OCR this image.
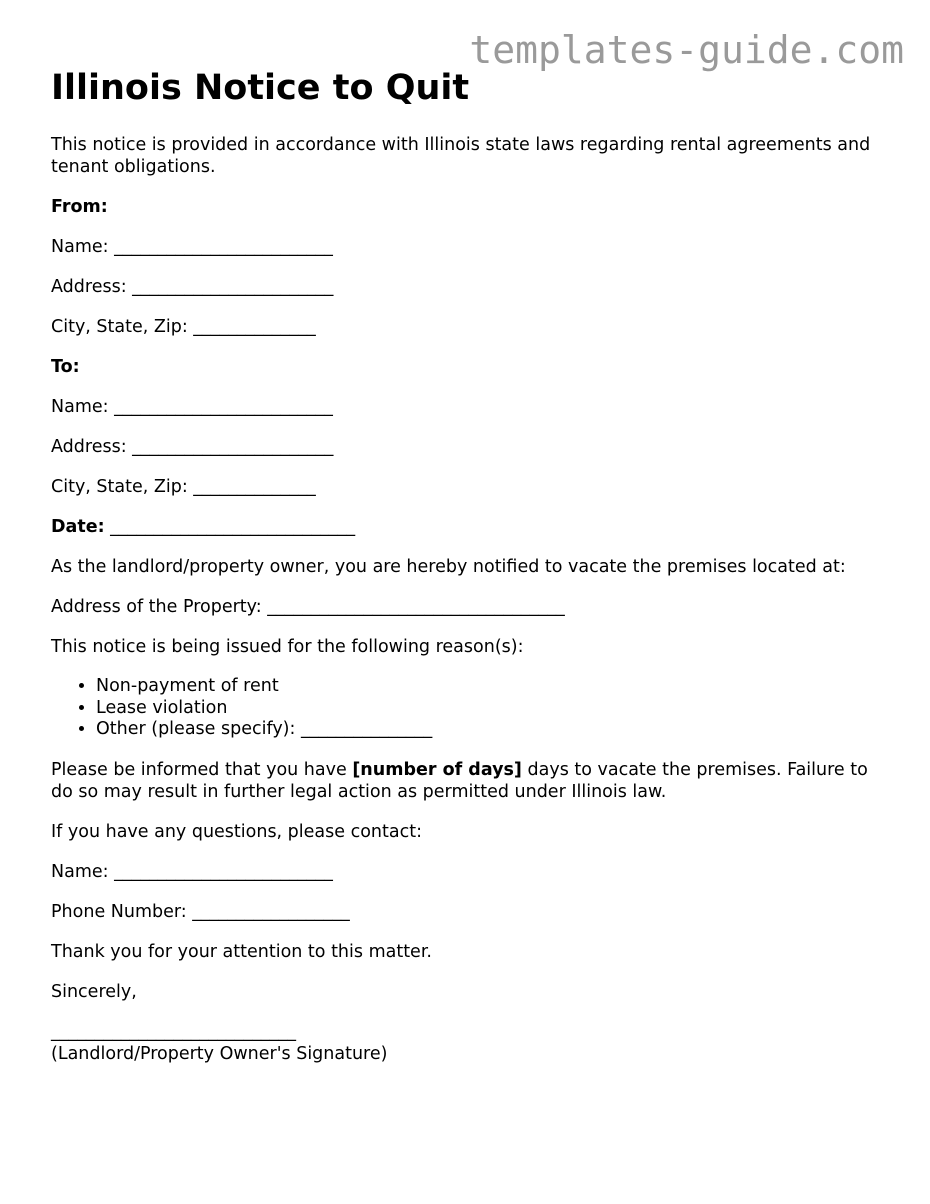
templates-guide.com
Illinois Notice to Quit

This notice is provided in accordance with Illinois state laws regarding rental agreements and tenant obligations.

From:

Name: _________________________

Address: _______________________

City, State, Zip: ______________

To:

Name: _________________________

Address: _______________________

City, State, Zip: ______________

Date: ____________________________

As the landlord/property owner, you are hereby notified to vacate the premises located at:

Address of the Property: __________________________________

This notice is being issued for the following reason(s):

• Non-payment of rent
• Lease violation
• Other (please specify): _______________

Please be informed that you have [number of days] days to vacate the premises. Failure to do so may result in further legal action as permitted under Illinois law.

If you have any questions, please contact:

Name: _________________________

Phone Number: __________________

Thank you for your attention to this matter.

Sincerely,

____________________________

(Landlord/Property Owner's Signature)
